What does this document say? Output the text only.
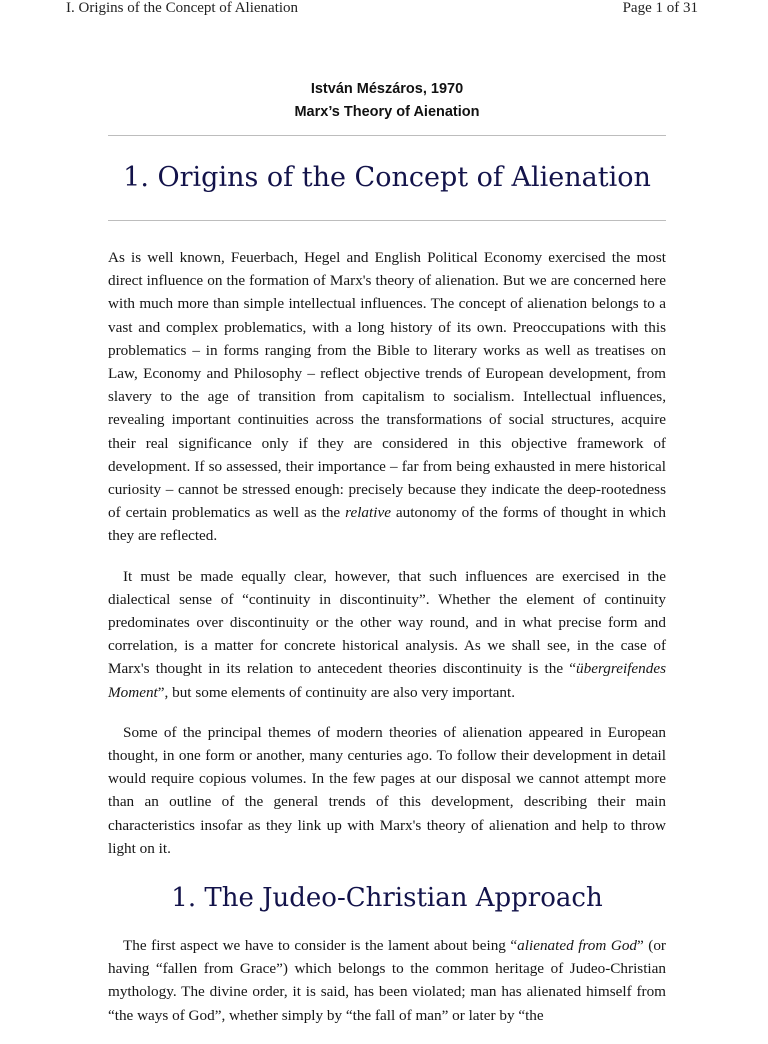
I. Origins of the Concept of Alienation	Page 1 of 31
István Mészáros, 1970
Marx’s Theory of Aienation
1. Origins of the Concept of Alienation

As is well known, Feuerbach, Hegel and English Political Economy exercised the most direct influence on the formation of Marx's theory of alienation. But we are concerned here with much more than simple intellectual influences. The concept of alienation belongs to a vast and complex problematics, with a long history of its own. Preoccupations with this problematics – in forms ranging from the Bible to literary works as well as treatises on Law, Economy and Philosophy – reflect objective trends of European development, from slavery to the age of transition from capitalism to socialism. Intellectual influences, revealing important continuities across the transformations of social structures, acquire their real significance only if they are considered in this objective framework of development. If so assessed, their importance – far from being exhausted in mere historical curiosity – cannot be stressed enough: precisely because they indicate the deep-rootedness of certain problematics as well as the relative autonomy of the forms of thought in which they are reflected.

It must be made equally clear, however, that such influences are exercised in the dialectical sense of “continuity in discontinuity”. Whether the element of continuity predominates over discontinuity or the other way round, and in what precise form and correlation, is a matter for concrete historical analysis. As we shall see, in the case of Marx's thought in its relation to antecedent theories discontinuity is the “übergreifendes Moment”, but some elements of continuity are also very important.

Some of the principal themes of modern theories of alienation appeared in European thought, in one form or another, many centuries ago. To follow their development in detail would require copious volumes. In the few pages at our disposal we cannot attempt more than an outline of the general trends of this development, describing their main characteristics insofar as they link up with Marx's theory of alienation and help to throw light on it.

1. The Judeo-Christian Approach

The first aspect we have to consider is the lament about being “alienated from God” (or having “fallen from Grace”) which belongs to the common heritage of Judeo-Christian mythology. The divine order, it is said, has been violated; man has alienated himself from “the ways of God”, whether simply by “the fall of man” or later by “the
